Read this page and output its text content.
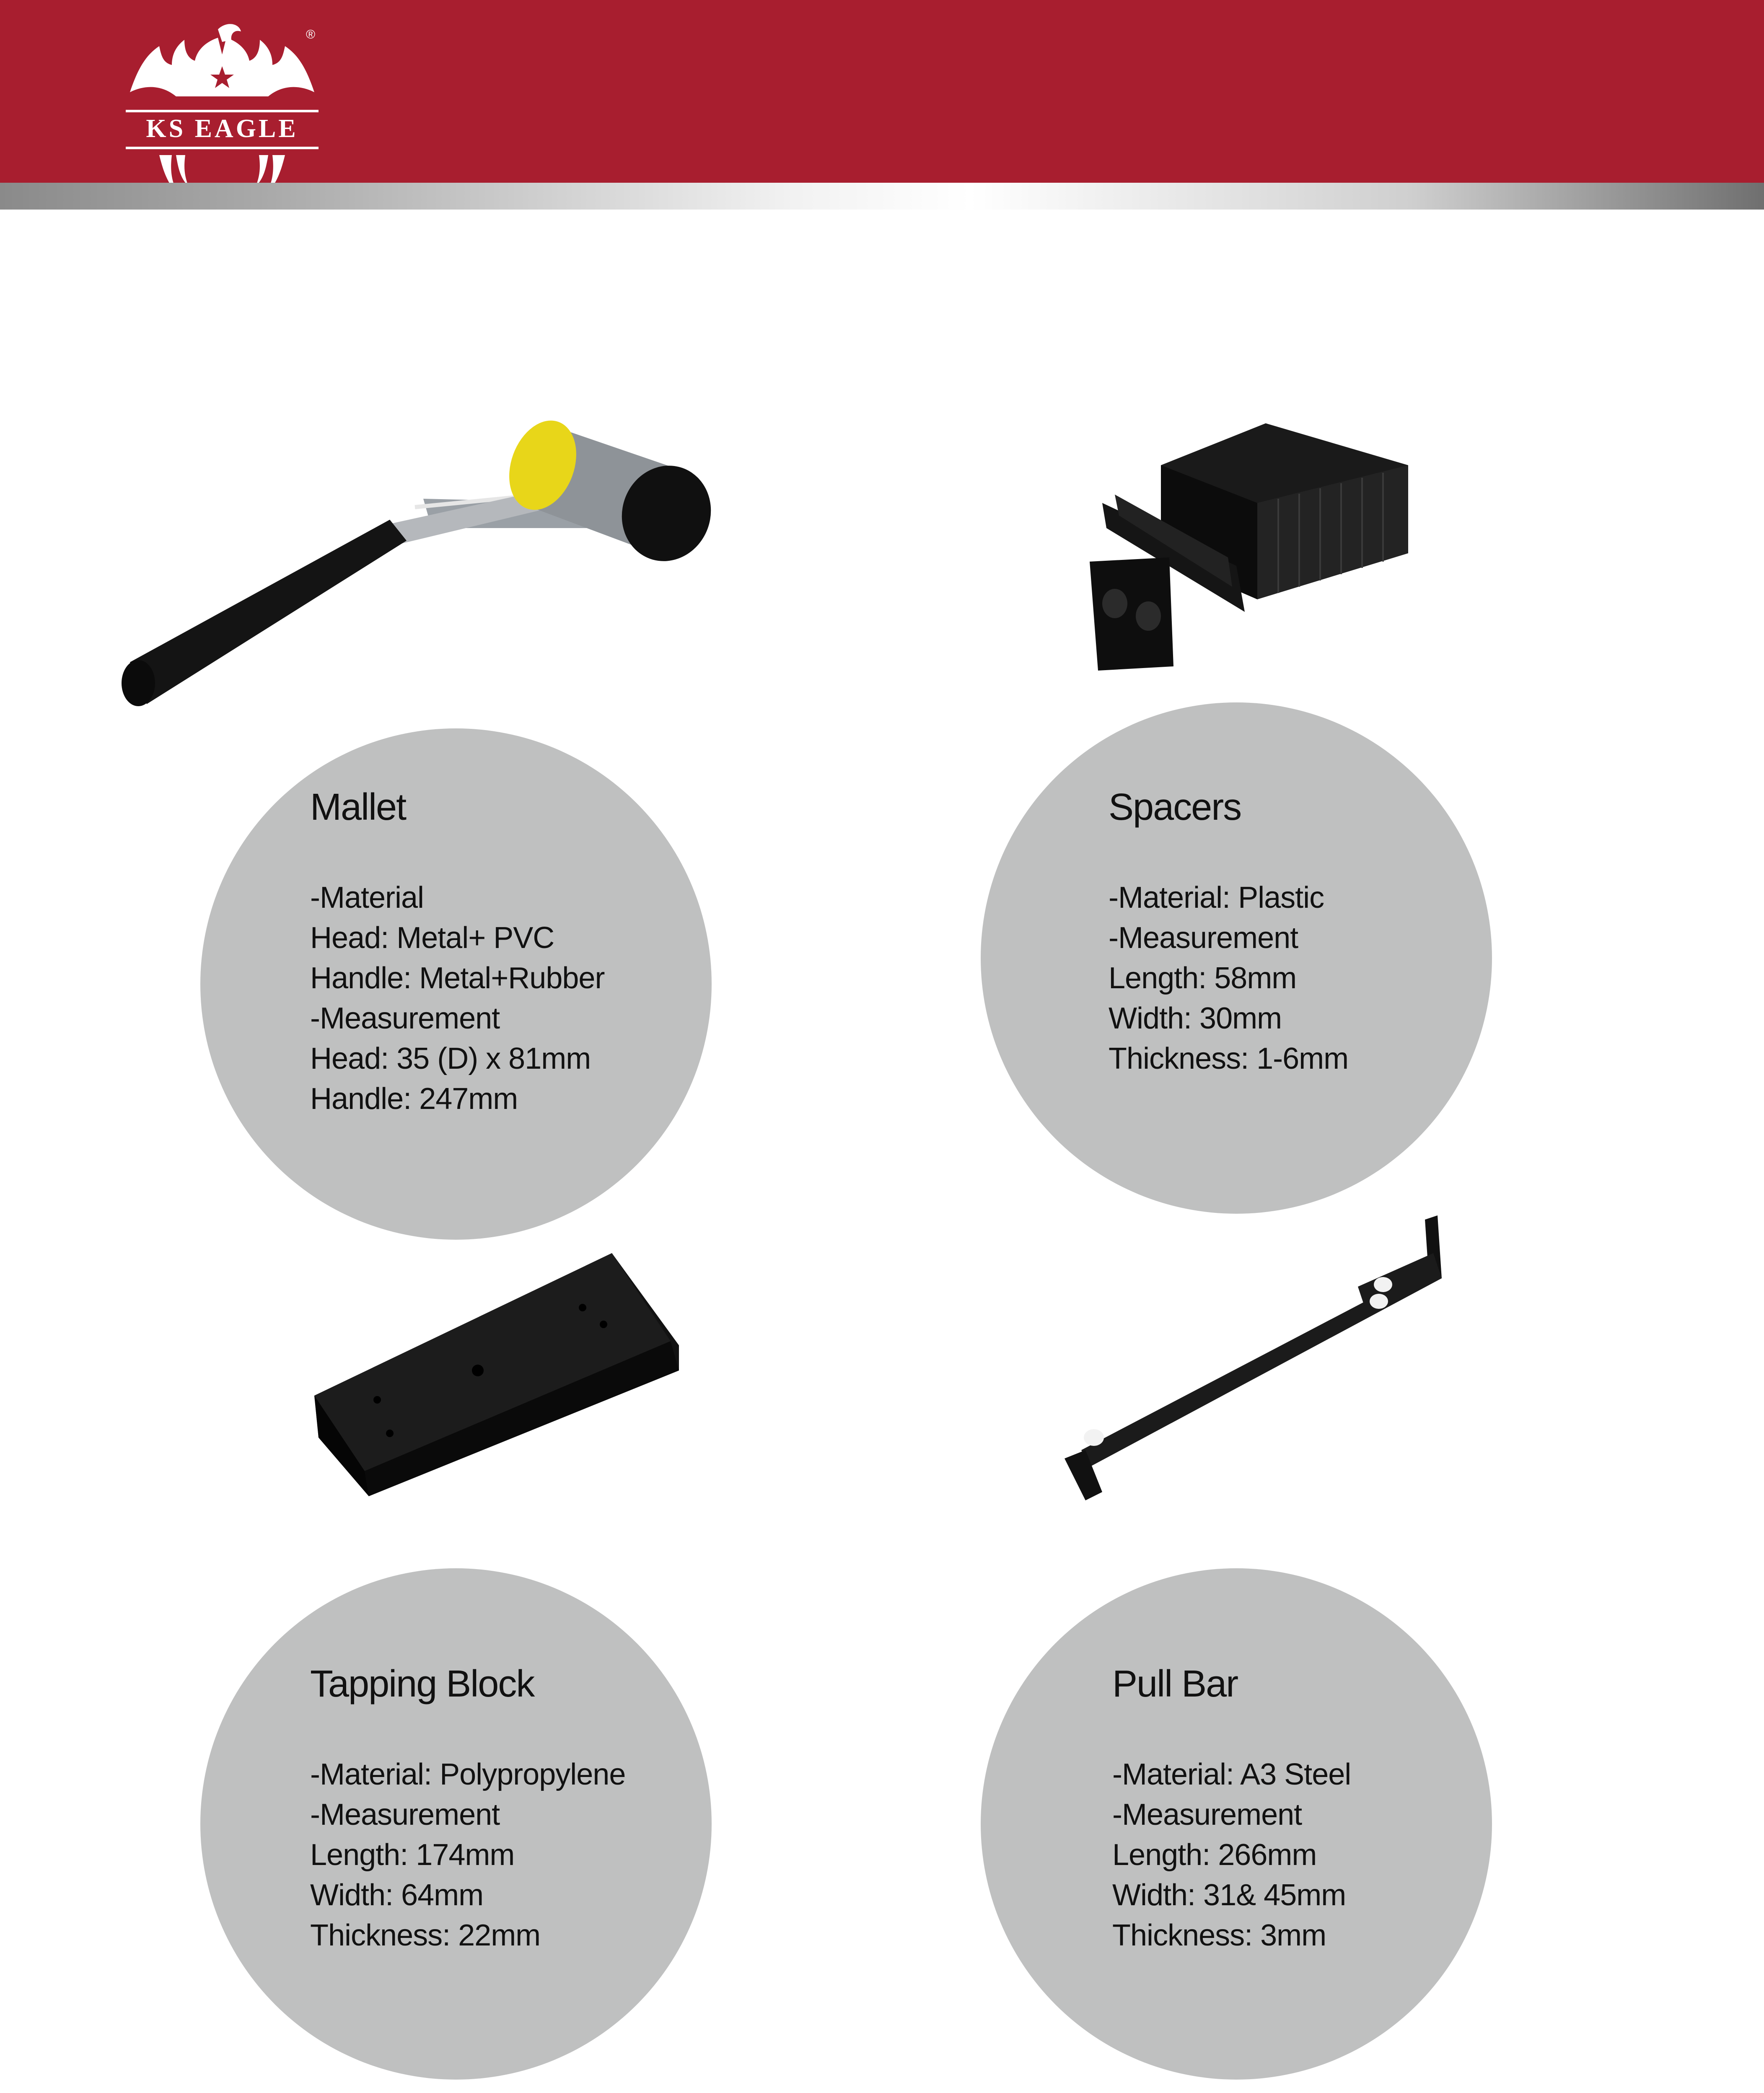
KS EAGLE
®
Mallet
-Material
Head: Metal+ PVC
Handle: Metal+Rubber
-Measurement
Head: 35 (D) x 81mm
Handle: 247mm
Spacers
-Material: Plastic
-Measurement
Length: 58mm
Width: 30mm
Thickness: 1-6mm
Tapping Block
-Material: Polypropylene
-Measurement
Length: 174mm
Width: 64mm
Thickness: 22mm
Pull Bar
-Material: A3 Steel
-Measurement
Length: 266mm
Width: 31& 45mm
Thickness: 3mm
